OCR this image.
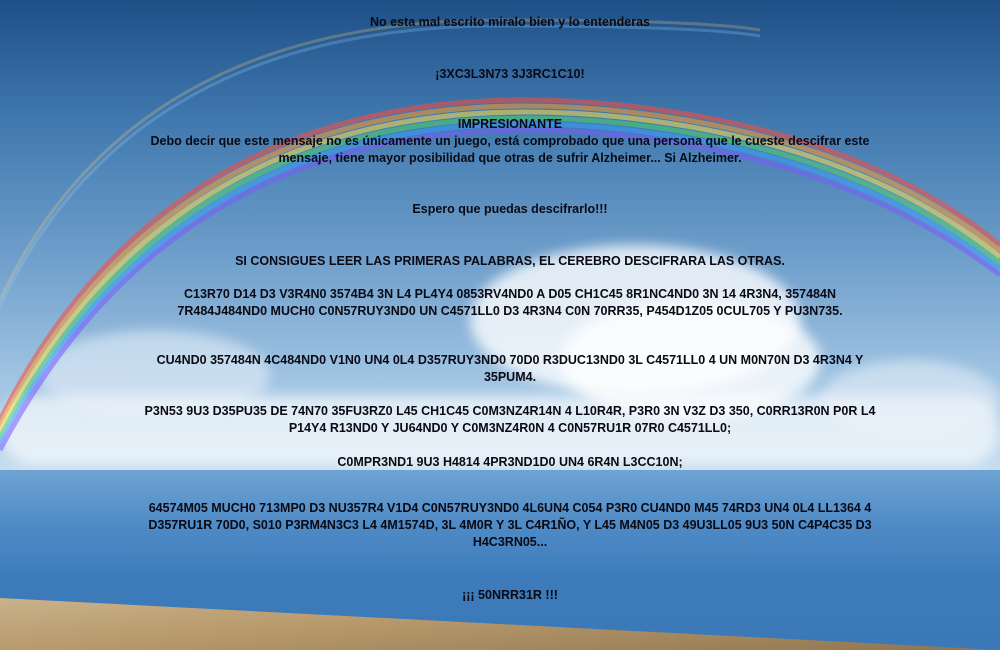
No esta mal escrito miralo bien y lo entenderas
¡3XC3L3N73 3J3RC1C10!
IMPRESIONANTE
Debo decir que este mensaje no es únicamente un juego, está comprobado que una persona que le cueste descifrar este mensaje, tiene mayor posibilidad que otras de sufrir Alzheimer... Si Alzheimer.
Espero que puedas descifrarlo!!!
SI CONSIGUES LEER LAS PRIMERAS PALABRAS, EL CEREBRO DESCIFRARA LAS OTRAS.
C13R70 D14 D3 V3R4N0 3574B4 3N L4 PL4Y4 0853RV4ND0 A D05 CH1C45 8R1NC4ND0 3N 14 4R3N4, 357484N 7R484J484ND0 MUCH0 C0N57RUY3ND0 UN C4571LL0 D3 4R3N4 C0N 70RR35, P454D1Z05 0CUL705 Y PU3N735.
CU4ND0 357484N 4C484ND0 V1N0 UN4 0L4 D357RUY3ND0 70D0 R3DUC13ND0 3L C4571LL0 4 UN M0N70N D3 4R3N4 Y 35PUM4.
P3N53 9U3 D35PU35 DE 74N70 35FU3RZ0 L45 CH1C45 C0M3NZ4R14N 4 L10R4R, P3R0 3N V3Z D3 350, C0RR13R0N P0R L4 P14Y4 R13ND0 Y JU64ND0 Y C0M3NZ4R0N 4 C0N57RU1R 07R0 C4571LL0;
C0MPR3ND1 9U3 H4814 4PR3ND1D0 UN4 6R4N L3CC10N;
64574M05 MUCH0 713MP0 D3 NU357R4 V1D4 C0N57RUY3ND0 4L6UN4 C054 P3R0 CU4ND0 M45 74RD3 UN4 0L4 LL1364 4 D357RU1R 70D0, S010 P3RM4N3C3 L4 4M1574D, 3L 4M0R Y 3L C4R1ÑO, Y L45 M4N05 D3 49U3LL05 9U3 50N C4P4C35 D3 H4C3RN05...
¡¡¡ 50NRR31R !!!
